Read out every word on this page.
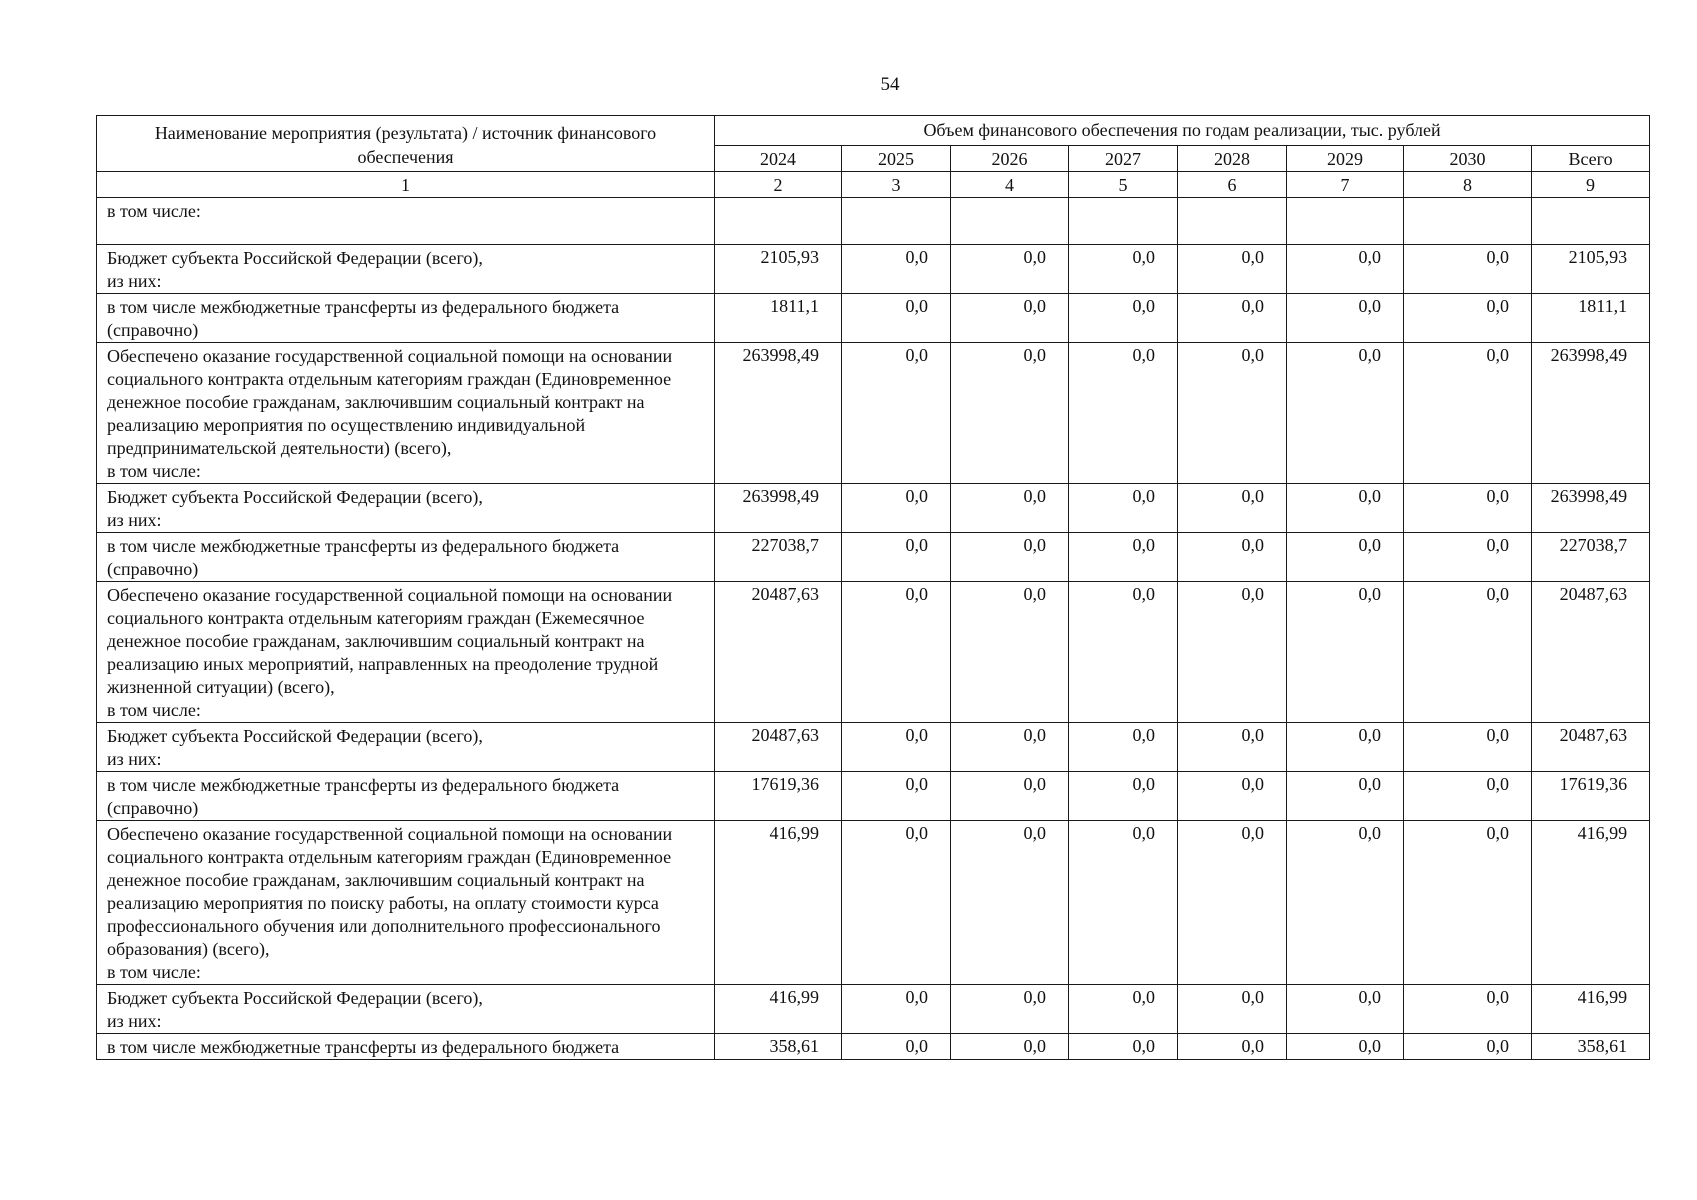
54
Наименование мероприятия (результата) / источник финансового обеспечения	Объем финансового обеспечения по годам реализации, тыс. рублей							
	2024	2025	2026	2027	2028	2029	2030	Всего
1	2	3	4	5	6	7	8	9
в том числе:								
Бюджет субъекта Российской Федерации (всего),
из них:	2105,93	0,0	0,0	0,0	0,0	0,0	0,0	2105,93
в том числе межбюджетные трансферты из федерального бюджета (справочно)	1811,1	0,0	0,0	0,0	0,0	0,0	0,0	1811,1
Обеспечено оказание государственной социальной помощи на основании социального контракта отдельным категориям граждан (Единовременное денежное пособие гражданам, заключившим социальный контракт на реализацию мероприятия по осуществлению индивидуальной предпринимательской деятельности) (всего),
в том числе:	263998,49	0,0	0,0	0,0	0,0	0,0	0,0	263998,49
Бюджет субъекта Российской Федерации (всего),
из них:	263998,49	0,0	0,0	0,0	0,0	0,0	0,0	263998,49
в том числе межбюджетные трансферты из федерального бюджета (справочно)	227038,7	0,0	0,0	0,0	0,0	0,0	0,0	227038,7
Обеспечено оказание государственной социальной помощи на основании социального контракта отдельным категориям граждан (Ежемесячное денежное пособие гражданам, заключившим социальный контракт на реализацию иных мероприятий, направленных на преодоление трудной жизненной ситуации) (всего),
в том числе:	20487,63	0,0	0,0	0,0	0,0	0,0	0,0	20487,63
Бюджет субъекта Российской Федерации (всего),
из них:	20487,63	0,0	0,0	0,0	0,0	0,0	0,0	20487,63
в том числе межбюджетные трансферты из федерального бюджета (справочно)	17619,36	0,0	0,0	0,0	0,0	0,0	0,0	17619,36
Обеспечено оказание государственной социальной помощи на основании социального контракта отдельным категориям граждан (Единовременное денежное пособие гражданам, заключившим социальный контракт на реализацию мероприятия по поиску работы, на оплату стоимости курса профессионального обучения или дополнительного профессионального образования) (всего),
в том числе:	416,99	0,0	0,0	0,0	0,0	0,0	0,0	416,99
Бюджет субъекта Российской Федерации (всего),
из них:	416,99	0,0	0,0	0,0	0,0	0,0	0,0	416,99
в том числе межбюджетные трансферты из федерального бюджета	358,61	0,0	0,0	0,0	0,0	0,0	0,0	358,61
